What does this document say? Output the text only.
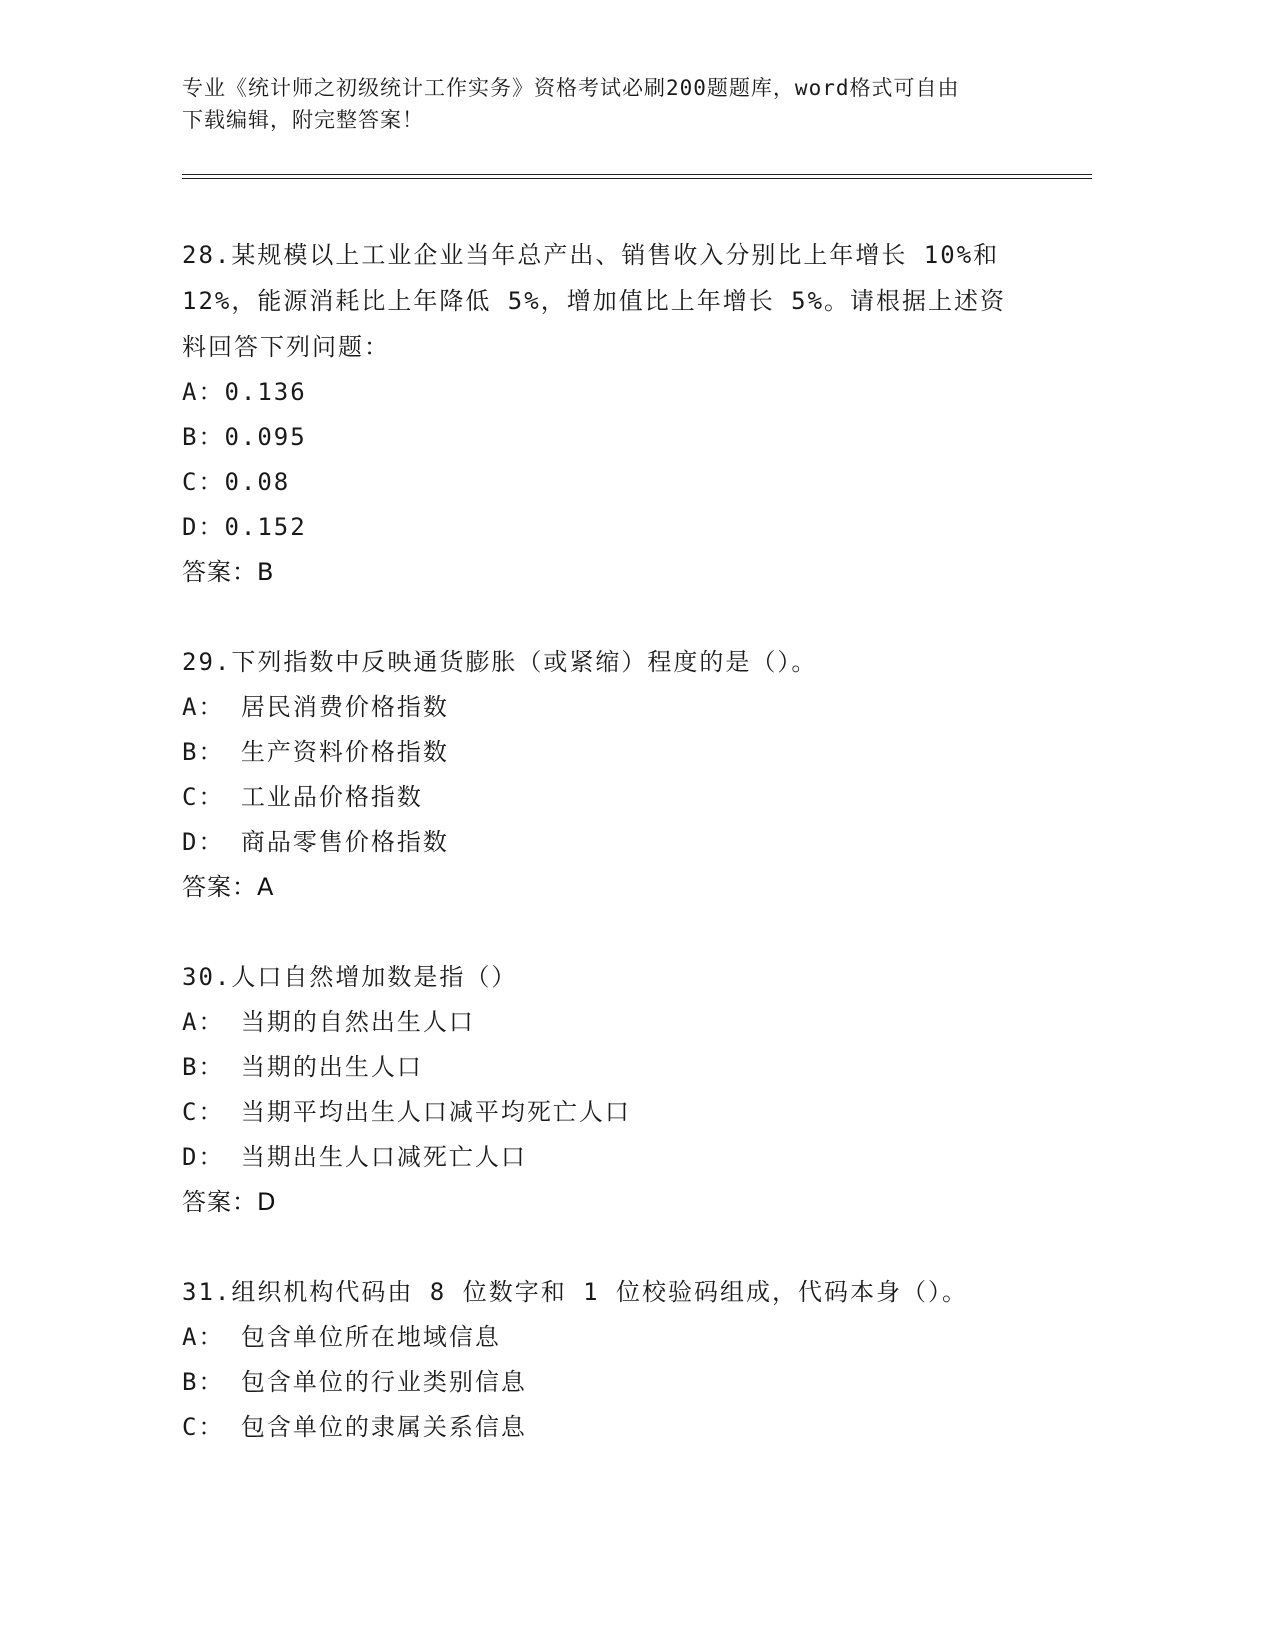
专业《统计师之初级统计工作实务》资格考试必刷200题题库，word格式可自由
下载编辑，附完整答案！
28.某规模以上工业企业当年总产出、销售收入分别比上年增长 10%和
12%，能源消耗比上年降低 5%，增加值比上年增长 5%。请根据上述资
料回答下列问题：
A：0.136
B：0.095
C：0.08
D：0.152
答案：B
29.下列指数中反映通货膨胀（或紧缩）程度的是（）。
A： 居民消费价格指数
B： 生产资料价格指数
C： 工业品价格指数
D： 商品零售价格指数
答案：A
30.人口自然增加数是指（）
A： 当期的自然出生人口
B： 当期的出生人口
C： 当期平均出生人口减平均死亡人口
D： 当期出生人口减死亡人口
答案：D
31.组织机构代码由 8 位数字和 1 位校验码组成，代码本身（）。
A： 包含单位所在地域信息
B： 包含单位的行业类别信息
C： 包含单位的隶属关系信息
